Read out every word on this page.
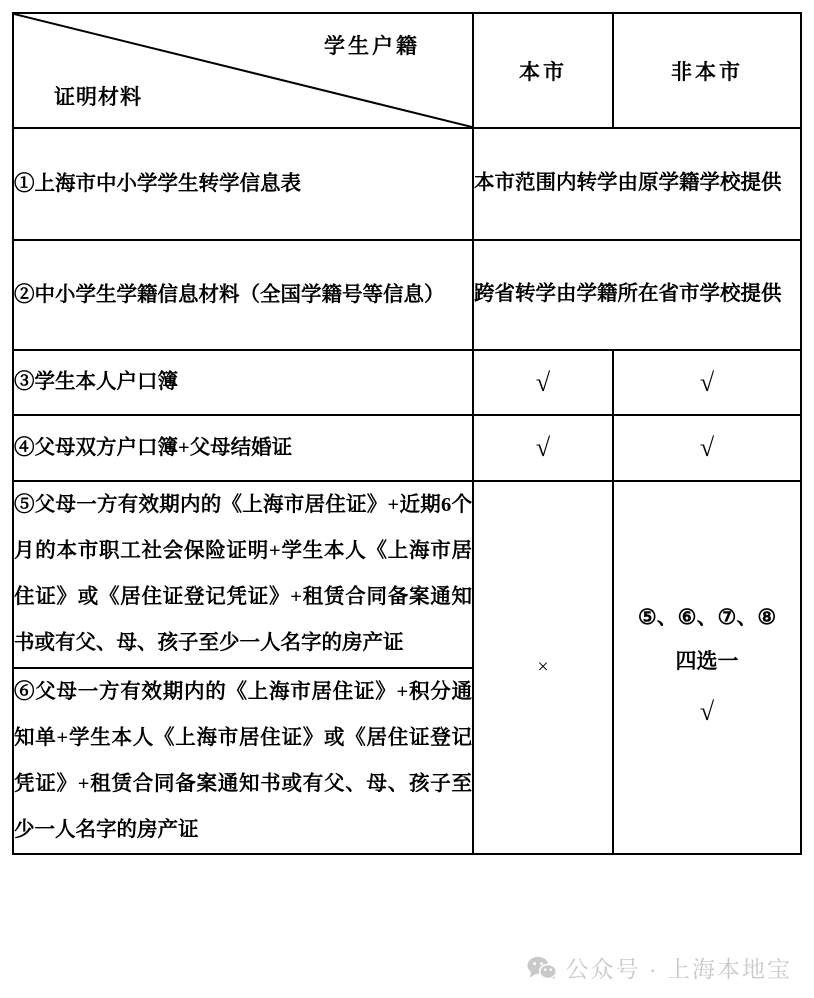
学生户籍
证明材料	本市	非本市
①上海市中小学学生转学信息表	本市范围内转学由原学籍学校提供	
②中小学生学籍信息材料（全国学籍号等信息）	跨省转学由学籍所在省市学校提供	
③学生本人户口簿	√	√
④父母双方户口簿+父母结婚证	√	√
⑤父母一方有效期内的《上海市居住证》+近期6个月的本市职工社会保险证明+学生本人《上海市居住证》或《居住证登记凭证》+租赁合同备案通知书或有父、母、孩子至少一人名字的房产证	×	⑤、⑥、⑦、⑧
四选一
√

⑥父母一方有效期内的《上海市居住证》+积分通知单+学生本人《上海市居住证》或《居住证登记凭证》+租赁合同备案通知书或有父、母、孩子至少一人名字的房产证		
公众号 · 上海本地宝
